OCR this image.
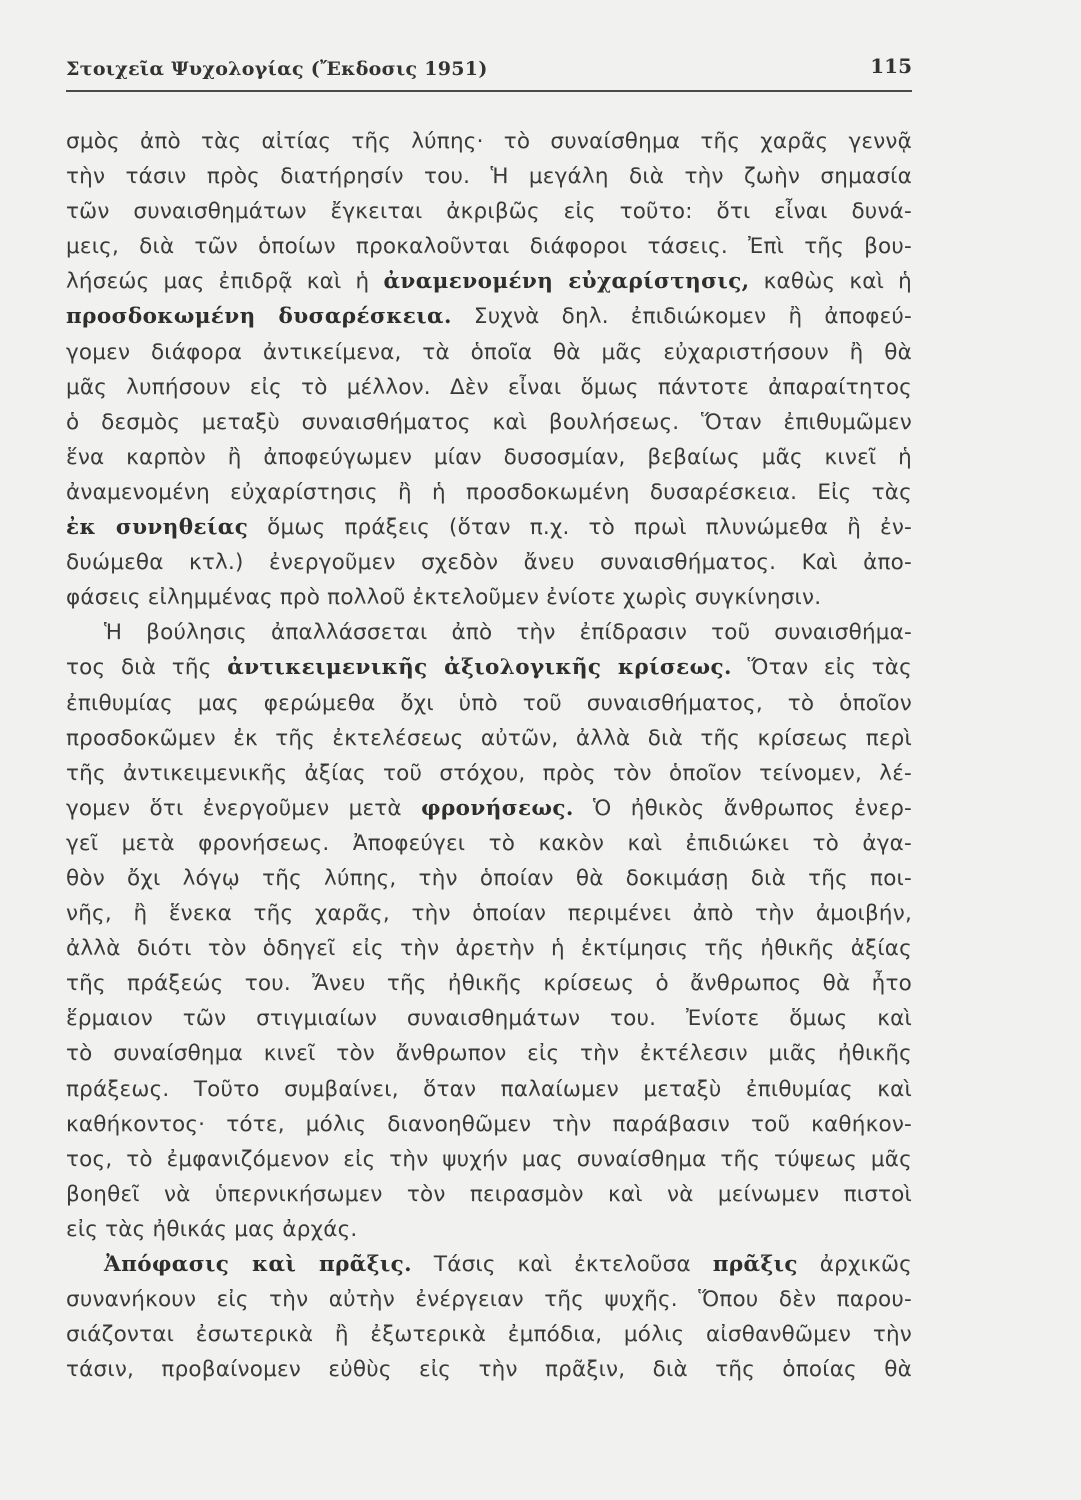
Στοιχεῖα Ψυχολογίας (Ἔκδοσις 1951)	115
σμὸς ἀπὸ τὰς αἰτίας τῆς λύπης· τὸ συναίσθημα τῆς χαρᾶς γεννᾷ
τὴν τάσιν πρὸς διατήρησίν του. Ἡ μεγάλη διὰ τὴν ζωὴν σημασία
τῶν συναισθημάτων ἔγκειται ἀκριβῶς εἰς τοῦτο: ὅτι εἶναι δυνά-
μεις, διὰ τῶν ὁποίων προκαλοῦνται διάφοροι τάσεις. Ἐπὶ τῆς βου-
λήσεώς μας ἐπιδρᾷ καὶ ἡ ἀναμενομένη εὐχαρίστησις, καθὼς καὶ ἡ
προσδοκωμένη δυσαρέσκεια. Συχνὰ δηλ. ἐπιδιώκομεν ἢ ἀποφεύ-
γομεν διάφορα ἀντικείμενα, τὰ ὁποῖα θὰ μᾶς εὐχαριστήσουν ἢ θὰ
μᾶς λυπήσουν εἰς τὸ μέλλον. Δὲν εἶναι ὅμως πάντοτε ἀπαραίτητος
ὁ δεσμὸς μεταξὺ συναισθήματος καὶ βουλήσεως. Ὅταν ἐπιθυμῶμεν
ἕνα καρπὸν ἢ ἀποφεύγωμεν μίαν δυσοσμίαν, βεβαίως μᾶς κινεῖ ἡ
ἀναμενομένη εὐχαρίστησις ἢ ἡ προσδοκωμένη δυσαρέσκεια. Εἰς τὰς
ἐκ συνηθείας ὅμως πράξεις (ὅταν π.χ. τὸ πρωὶ πλυνώμεθα ἢ ἐν-
δυώμεθα κτλ.) ἐνεργοῦμεν σχεδὸν ἄνευ συναισθήματος. Καὶ ἀπο-
φάσεις εἰλημμένας πρὸ πολλοῦ ἐκτελοῦμεν ἐνίοτε χωρὶς συγκίνησιν.
Ἡ βούλησις ἀπαλλάσσεται ἀπὸ τὴν ἐπίδρασιν τοῦ συναισθήμα-
τος διὰ τῆς ἀντικειμενικῆς ἀξιολογικῆς κρίσεως. Ὅταν εἰς τὰς
ἐπιθυμίας μας φερώμεθα ὄχι ὑπὸ τοῦ συναισθήματος, τὸ ὁποῖον
προσδοκῶμεν ἐκ τῆς ἐκτελέσεως αὐτῶν, ἀλλὰ διὰ τῆς κρίσεως περὶ
τῆς ἀντικειμενικῆς ἀξίας τοῦ στόχου, πρὸς τὸν ὁποῖον τείνομεν, λέ-
γομεν ὅτι ἐνεργοῦμεν μετὰ φρονήσεως. Ὁ ἠθικὸς ἄνθρωπος ἐνερ-
γεῖ μετὰ φρονήσεως. Ἀποφεύγει τὸ κακὸν καὶ ἐπιδιώκει τὸ ἀγα-
θὸν ὄχι λόγῳ τῆς λύπης, τὴν ὁποίαν θὰ δοκιμάσῃ διὰ τῆς ποι-
νῆς, ἢ ἕνεκα τῆς χαρᾶς, τὴν ὁποίαν περιμένει ἀπὸ τὴν ἀμοιβήν,
ἀλλὰ διότι τὸν ὁδηγεῖ εἰς τὴν ἀρετὴν ἡ ἐκτίμησις τῆς ἠθικῆς ἀξίας
τῆς πράξεώς του. Ἄνευ τῆς ἠθικῆς κρίσεως ὁ ἄνθρωπος θὰ ἦτο
ἕρμαιον τῶν στιγμιαίων συναισθημάτων του. Ἐνίοτε ὅμως καὶ
τὸ συναίσθημα κινεῖ τὸν ἄνθρωπον εἰς τὴν ἐκτέλεσιν μιᾶς ἠθικῆς
πράξεως. Τοῦτο συμβαίνει, ὅταν παλαίωμεν μεταξὺ ἐπιθυμίας καὶ
καθήκοντος· τότε, μόλις διανοηθῶμεν τὴν παράβασιν τοῦ καθήκον-
τος, τὸ ἐμφανιζόμενον εἰς τὴν ψυχήν μας συναίσθημα τῆς τύψεως μᾶς
βοηθεῖ νὰ ὑπερνικήσωμεν τὸν πειρασμὸν καὶ νὰ μείνωμεν πιστοὶ
εἰς τὰς ἠθικάς μας ἀρχάς.
Ἀπόφασις καὶ πρᾶξις. Τάσις καὶ ἐκτελοῦσα πρᾶξις ἀρχικῶς
συνανήκουν εἰς τὴν αὐτὴν ἐνέργειαν τῆς ψυχῆς. Ὅπου δὲν παρου-
σιάζονται ἐσωτερικὰ ἢ ἐξωτερικὰ ἐμπόδια, μόλις αἰσθανθῶμεν τὴν
τάσιν, προβαίνομεν εὐθὺς εἰς τὴν πρᾶξιν, διὰ τῆς ὁποίας θὰ
